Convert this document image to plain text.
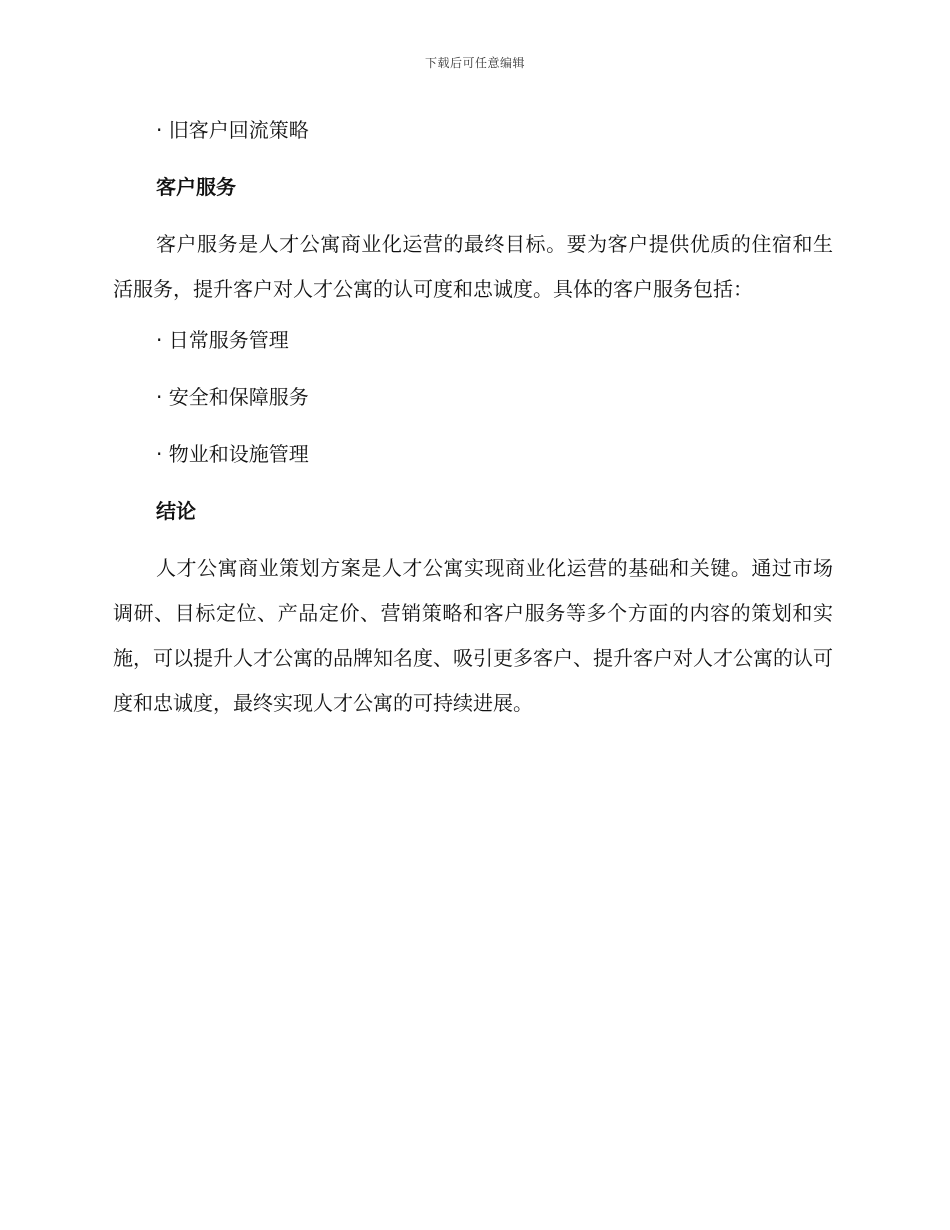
下载后可任意编辑

· 旧客户回流策略

客户服务

客户服务是人才公寓商业化运营的最终目标。要为客户提供优质的住宿和生活服务，提升客户对人才公寓的认可度和忠诚度。具体的客户服务包括：

· 日常服务管理

· 安全和保障服务

· 物业和设施管理

结论

人才公寓商业策划方案是人才公寓实现商业化运营的基础和关键。通过市场调研、目标定位、产品定价、营销策略和客户服务等多个方面的内容的策划和实施，可以提升人才公寓的品牌知名度、吸引更多客户、提升客户对人才公寓的认可度和忠诚度，最终实现人才公寓的可持续进展。
